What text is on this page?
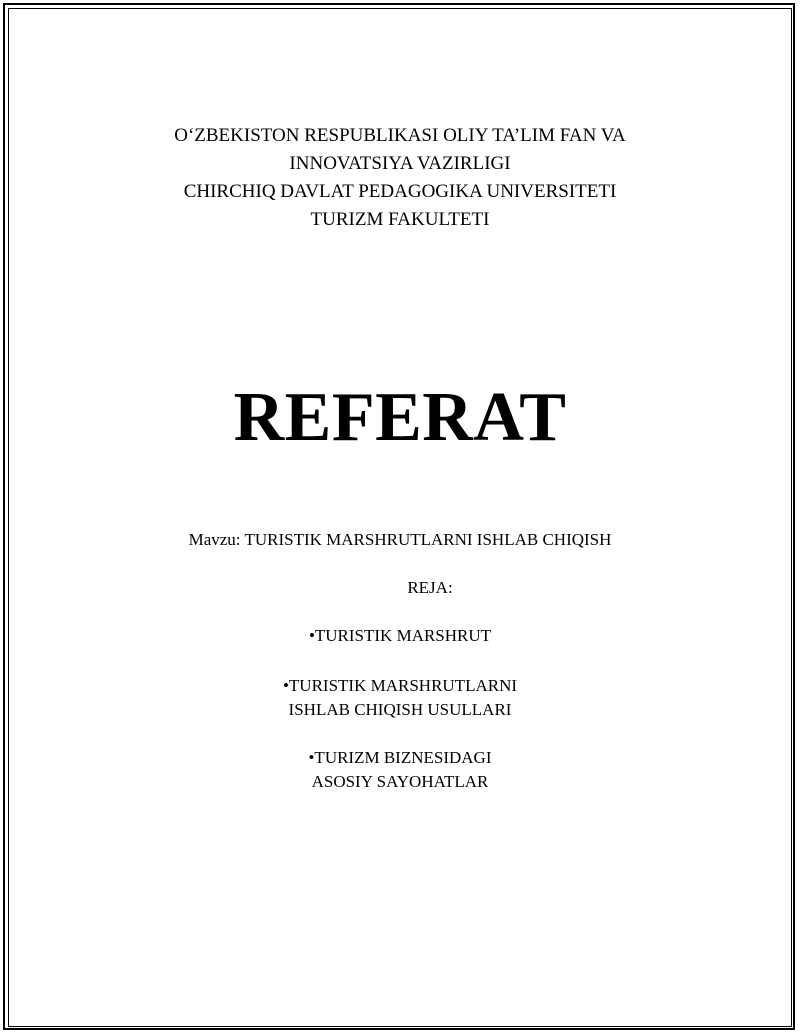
O‘ZBEKISTON RESPUBLIKASI OLIY TA’LIM FAN VA
INNOVATSIYA VAZIRLIGI
CHIRCHIQ DAVLAT PEDAGOGIKA UNIVERSITETI
TURIZM FAKULTETI
REFERAT
Mavzu: TURISTIK MARSHRUTLARNI ISHLAB CHIQISH
REJA:
•TURISTIK MARSHRUT
•TURISTIK MARSHRUTLARNI
ISHLAB CHIQISH USULLARI
•TURIZM BIZNESIDAGI
ASOSIY SAYOHATLAR
